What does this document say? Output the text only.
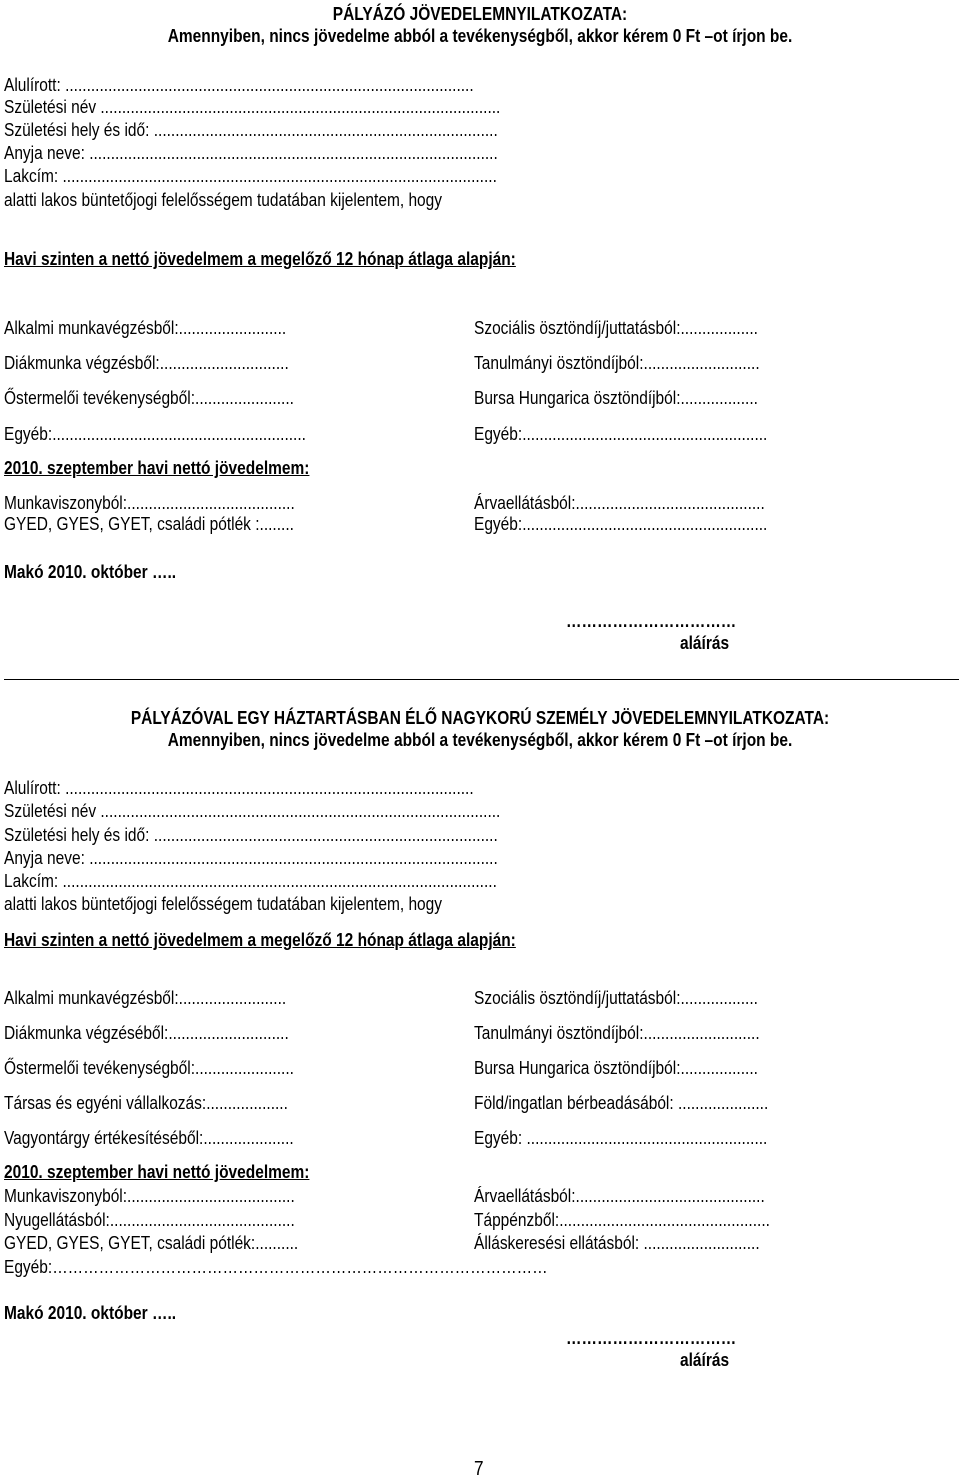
PÁLYÁZÓ JÖVEDELEMNYILATKOZATA:
Amennyiben, nincs jövedelme abból a tevékenységből, akkor kérem 0 Ft –ot írjon be.
Alulírott: ...............................................................................................
Születési név .............................................................................................
Születési hely és idő: ................................................................................
Anyja neve: ...............................................................................................
Lakcím: .....................................................................................................
alatti lakos büntetőjogi felelősségem tudatában kijelentem, hogy
Havi szinten a nettó jövedelmem a megelőző 12 hónap átlaga alapján:
Alkalmi munkavégzésből:.........................
Diákmunka végzésből:..............................
Őstermelői tevékenységből:.......................
Egyéb:...........................................................
Szociális ösztöndíj/juttatásból:..................
Tanulmányi ösztöndíjból:...........................
Bursa Hungarica ösztöndíjból:..................
Egyéb:.........................................................
2010. szeptember havi nettó jövedelmem:
Munkaviszonyból:.......................................
GYED, GYES, GYET, családi pótlék :........
Árvaellátásból:............................................
Egyéb:.........................................................
Makó 2010. október …..
……………………………
aláírás
PÁLYÁZÓVAL EGY HÁZTARTÁSBAN ÉLŐ NAGYKORÚ SZEMÉLY JÖVEDELEMNYILATKOZATA:
Amennyiben, nincs jövedelme abból a tevékenységből, akkor kérem 0 Ft –ot írjon be.
Alulírott: ...............................................................................................
Születési név .............................................................................................
Születési hely és idő: ................................................................................
Anyja neve: ...............................................................................................
Lakcím: .....................................................................................................
alatti lakos büntetőjogi felelősségem tudatában kijelentem, hogy
Havi szinten a nettó jövedelmem a megelőző 12 hónap átlaga alapján:
Alkalmi munkavégzésből:.........................
Diákmunka végzéséből:............................
Őstermelői tevékenységből:.......................
Társas és egyéni vállalkozás:...................
Vagyontárgy értékesítéséből:.....................
Szociális ösztöndíj/juttatásból:..................
Tanulmányi ösztöndíjból:...........................
Bursa Hungarica ösztöndíjból:..................
Föld/ingatlan bérbeadásából: .....................
Egyéb: ........................................................
2010. szeptember havi nettó jövedelmem:
Munkaviszonyból:.......................................
Nyugellátásból:...........................................
GYED, GYES, GYET, családi pótlék:..........
Árvaellátásból:............................................
Táppénzből:.................................................
Álláskeresési ellátásból: ...........................
Egyéb:……………………………………………………………………………………
Makó 2010. október …..
……………………………
aláírás
7
